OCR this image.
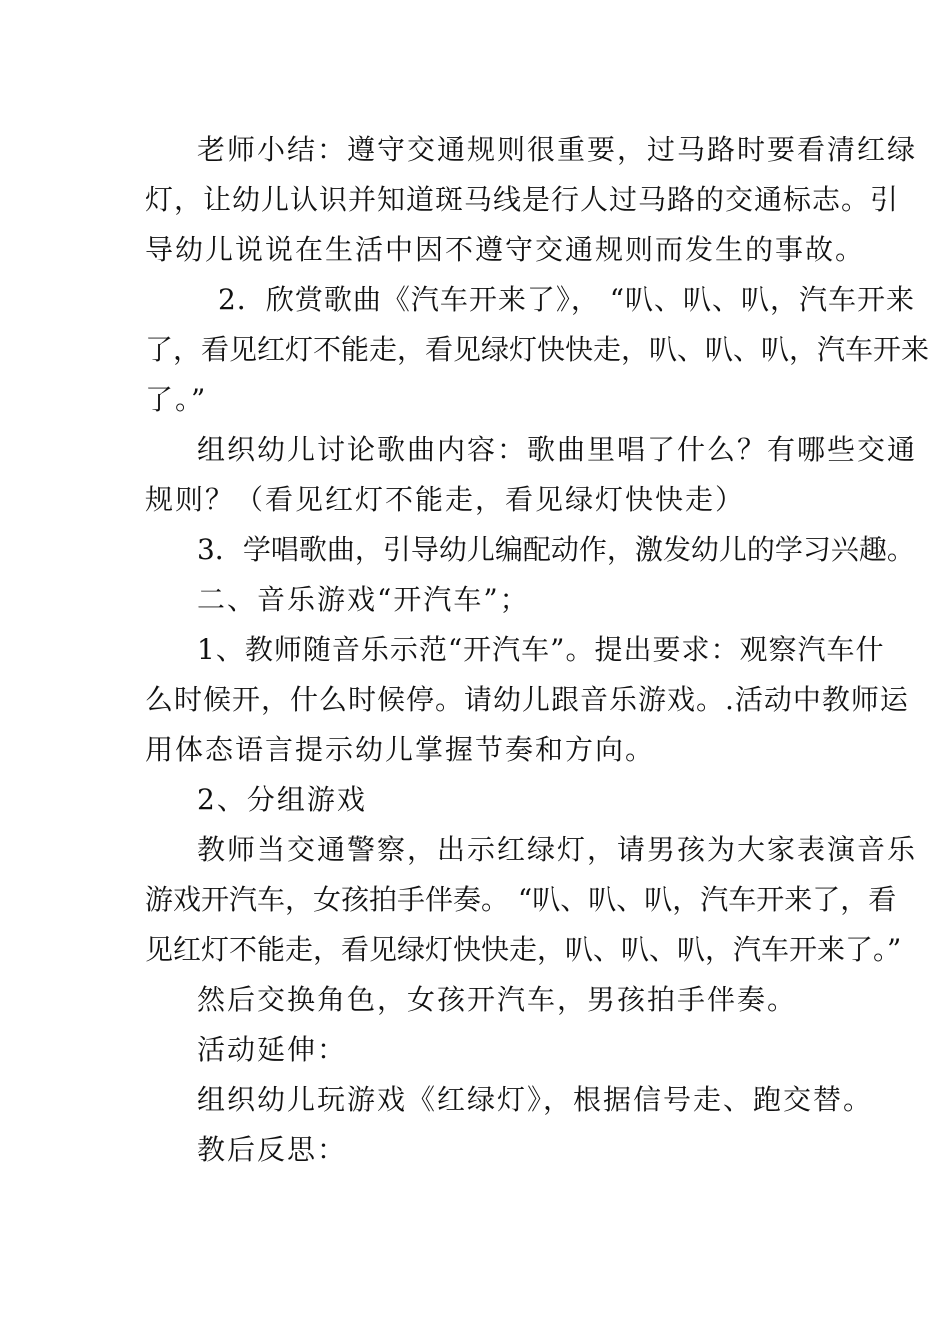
老师小结：遵守交通规则很重要，过马路时要看清红绿
灯，让幼儿认识并知道斑马线是行人过马路的交通标志。引
导幼儿说说在生活中因不遵守交通规则而发生的事故。
2．欣赏歌曲《汽车开来了》， “叭、叭、叭，汽车开来
了，看见红灯不能走，看见绿灯快快走，叭、叭、叭，汽车开来
了。”
组织幼儿讨论歌曲内容：歌曲里唱了什么？有哪些交通
规则？（看见红灯不能走，看见绿灯快快走）
3．学唱歌曲，引导幼儿编配动作，激发幼儿的学习兴趣。
二、音乐游戏“开汽车”；
1、教师随音乐示范“开汽车”。提出要求：观察汽车什
么时候开，什么时候停。请幼儿跟音乐游戏。.活动中教师运
用体态语言提示幼儿掌握节奏和方向。
2、分组游戏
教师当交通警察，出示红绿灯，请男孩为大家表演音乐
游戏开汽车，女孩拍手伴奏。 “叭、叭、叭，汽车开来了，看
见红灯不能走，看见绿灯快快走，叭、叭、叭，汽车开来了。”
然后交换角色，女孩开汽车，男孩拍手伴奏。
活动延伸：
组织幼儿玩游戏《红绿灯》，根据信号走、跑交替。
教后反思：
